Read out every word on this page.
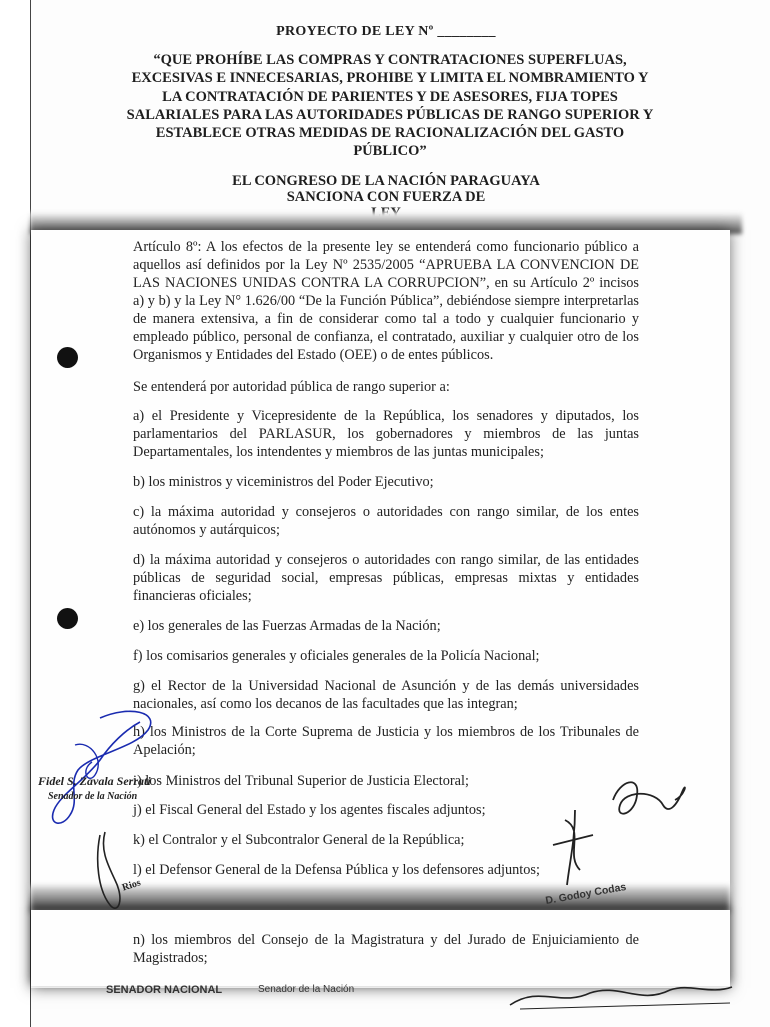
PROYECTO DE LEY Nº ________
“QUE PROHÍBE LAS COMPRAS Y CONTRATACIONES SUPERFLUAS, EXCESIVAS E INNECESARIAS, PROHIBE Y LIMITA EL NOMBRAMIENTO Y LA CONTRATACIÓN DE PARIENTES Y DE ASESORES, FIJA TOPES SALARIALES PARA LAS AUTORIDADES PÚBLICAS DE RANGO SUPERIOR Y ESTABLECE OTRAS MEDIDAS DE RACIONALIZACIÓN DEL GASTO PÚBLICO”
EL CONGRESO DE LA NACIÓN PARAGUAYA
SANCIONA CON FUERZA DE
Artículo 8º: A los efectos de la presente ley se entenderá como funcionario público a aquellos así definidos por la Ley Nº 2535/2005 “APRUEBA LA CONVENCION DE LAS NACIONES UNIDAS CONTRA LA CORRUPCION”, en su Artículo 2º incisos a) y b) y la Ley N° 1.626/00 “De la Función Pública”, debiéndose siempre interpretarlas de manera extensiva, a fin de considerar como tal a todo y cualquier funcionario y empleado público, personal de confianza, el contratado, auxiliar y cualquier otro de los Organismos y Entidades del Estado (OEE) o de entes públicos.
Se entenderá por autoridad pública de rango superior a:
a) el Presidente y Vicepresidente de la República, los senadores y diputados, los parlamentarios del PARLASUR, los gobernadores y miembros de las juntas Departamentales, los intendentes y miembros de las juntas municipales;
b) los ministros y viceministros del Poder Ejecutivo;
c) la máxima autoridad y consejeros o autoridades con rango similar, de los entes autónomos y autárquicos;
d) la máxima autoridad y consejeros o autoridades con rango similar, de las entidades públicas de seguridad social, empresas públicas, empresas mixtas y entidades financieras oficiales;
e) los generales de las Fuerzas Armadas de la Nación;
f) los comisarios generales y oficiales generales de la Policía Nacional;
g) el Rector de la Universidad Nacional de Asunción y de las demás universidades nacionales, así como los decanos de las facultades que las integran;
h) los Ministros de la Corte Suprema de Justicia y los miembros de los Tribunales de Apelación;
i) los Ministros del Tribunal Superior de Justicia Electoral;
j) el Fiscal General del Estado y los agentes fiscales adjuntos;
k) el Contralor y el Subcontralor General de la República;
l) el Defensor General de la Defensa Pública y los defensores adjuntos;
n) los miembros del Consejo de la Magistratura y del Jurado de Enjuiciamiento de Magistrados;
SENADOR NACIONAL	Senador de la Nación
Fidel S. Zavala Serrati
Senador de la Nación
Rios	D. Godoy Codas
